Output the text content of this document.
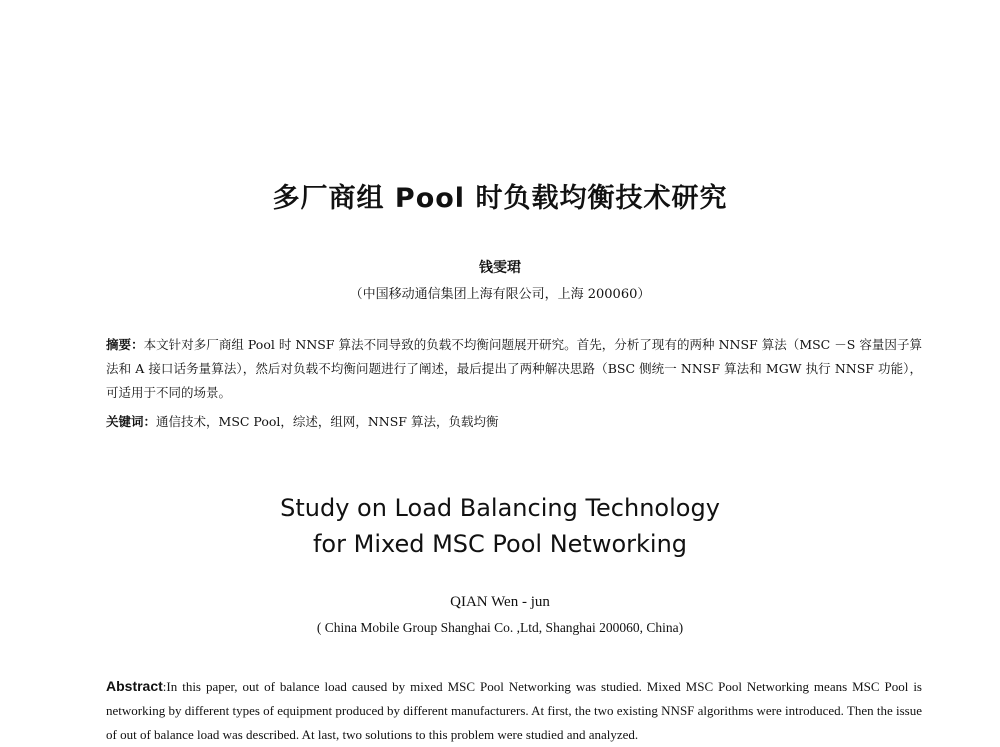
多厂商组 Pool 时负载均衡技术研究
钱雯珺
（中国移动通信集团上海有限公司，上海 200060）
摘要：本文针对多厂商组 Pool 时 NNSF 算法不同导致的负载不均衡问题展开研究。首先，分析了现有的两种 NNSF 算法（MSC －S 容量因子算法和 A 接口话务量算法），然后对负载不均衡问题进行了阐述，最后提出了两种解决思路（BSC 侧统一 NNSF 算法和 MGW 执行 NNSF 功能），可适用于不同的场景。
关键词：通信技术，MSC Pool，综述，组网，NNSF 算法，负载均衡
Study on Load Balancing Technology
for Mixed MSC Pool Networking
QIAN Wen - jun
( China Mobile Group Shanghai Co. ,Ltd, Shanghai 200060, China)
Abstract:In this paper, out of balance load caused by mixed MSC Pool Networking was studied. Mixed MSC Pool Networking means MSC Pool is networking by different types of equipment produced by different manufacturers. At first, the two existing NNSF algorithms were introduced. Then the issue of out of balance load was described. At last, two solutions to this problem were studied and analyzed.
